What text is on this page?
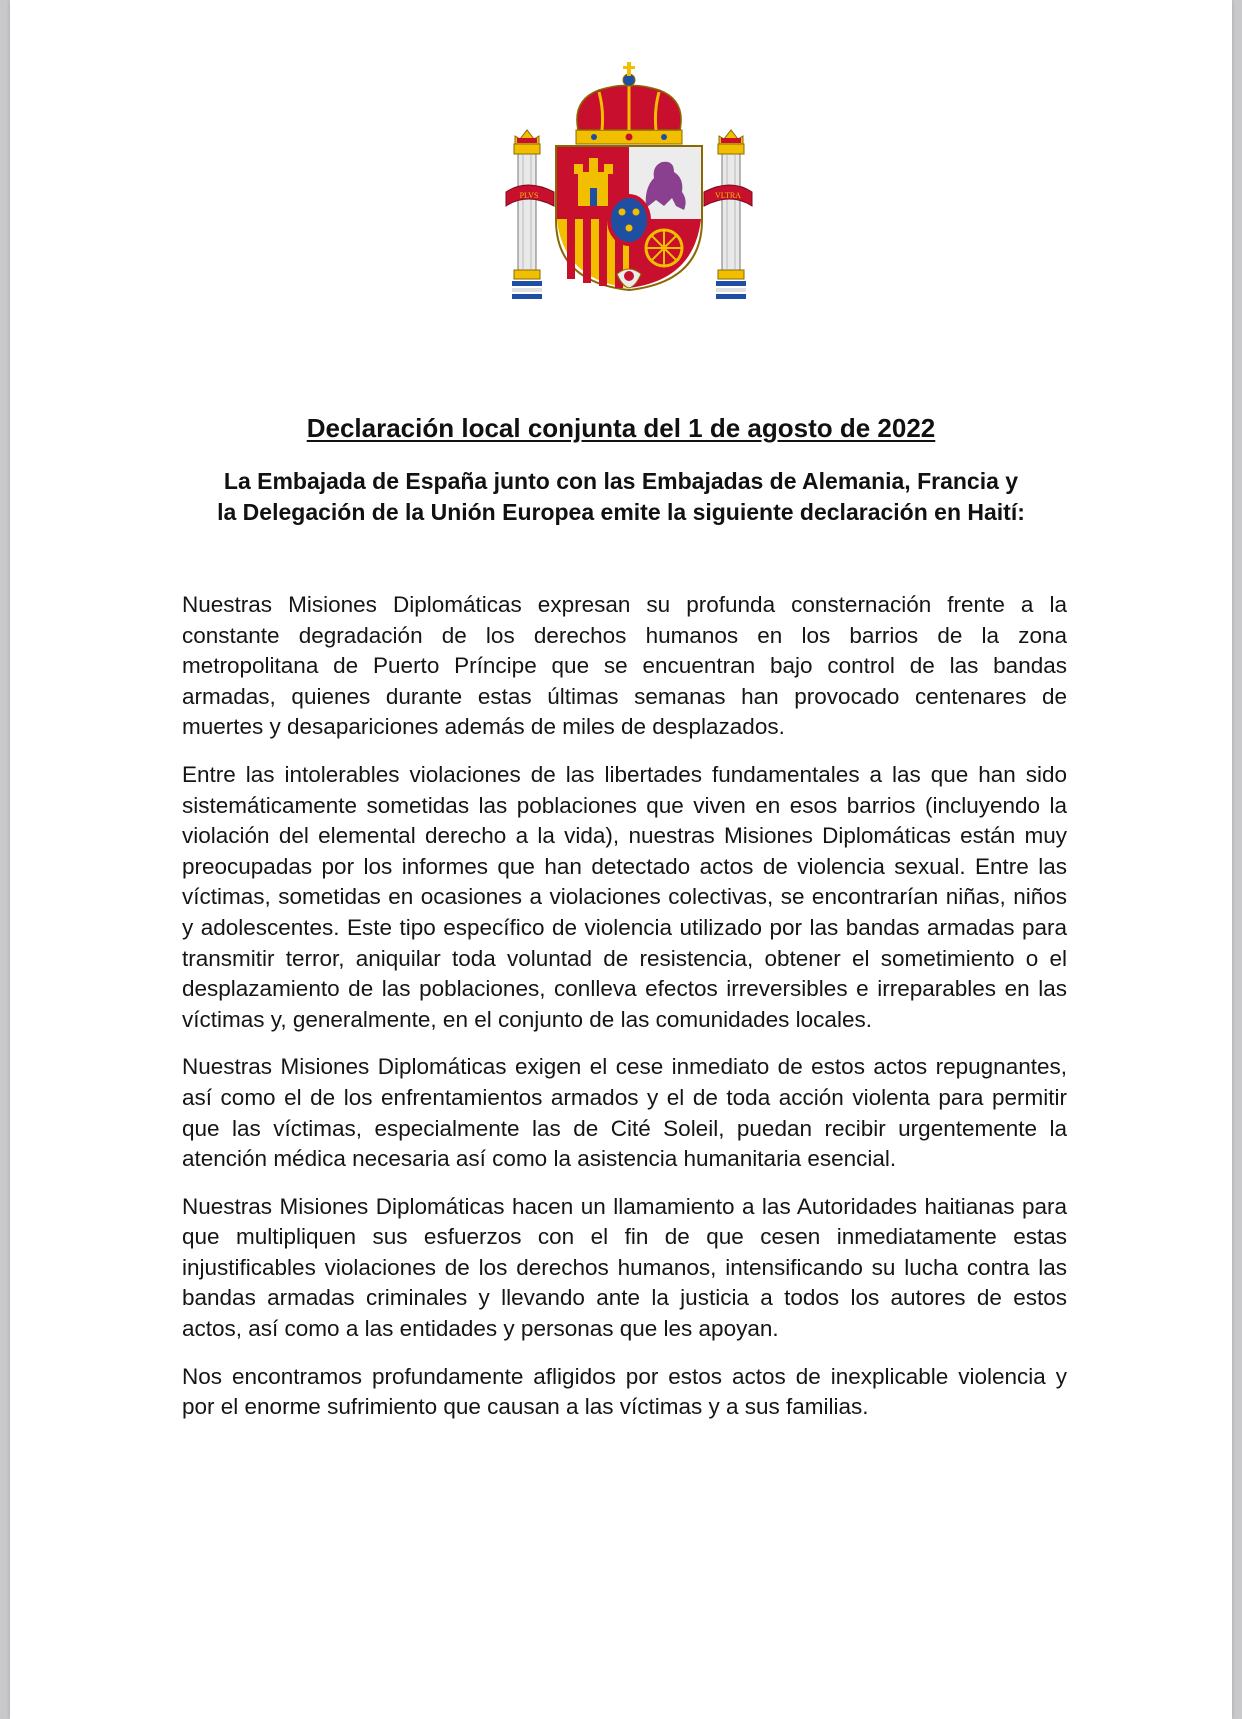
PLVS	VLTRA
Declaración local conjunta del 1 de agosto de 2022
La Embajada de España junto con las Embajadas de Alemania, Francia y
la Delegación de la Unión Europea emite la siguiente declaración en Haití:

Nuestras Misiones Diplomáticas expresan su profunda consternación frente a la constante degradación de los derechos humanos en los barrios de la zona metropolitana de Puerto Príncipe que se encuentran bajo control de las bandas armadas, quienes durante estas últimas semanas han provocado centenares de muertes y desapariciones además de miles de desplazados.

Entre las intolerables violaciones de las libertades fundamentales a las que han sido sistemáticamente sometidas las poblaciones que viven en esos barrios (incluyendo la violación del elemental derecho a la vida), nuestras Misiones Diplomáticas están muy preocupadas por los informes que han detectado actos de violencia sexual. Entre las víctimas, sometidas en ocasiones a violaciones colectivas, se encontrarían niñas, niños y adolescentes. Este tipo específico de violencia utilizado por las bandas armadas para transmitir terror, aniquilar toda voluntad de resistencia, obtener el sometimiento o el desplazamiento de las poblaciones, conlleva efectos irreversibles e irreparables en las víctimas y, generalmente, en el conjunto de las comunidades locales.

Nuestras Misiones Diplomáticas exigen el cese inmediato de estos actos repugnantes, así como el de los enfrentamientos armados y el de toda acción violenta para permitir que las víctimas, especialmente las de Cité Soleil, puedan recibir urgentemente la atención médica necesaria así como la asistencia humanitaria esencial.

Nuestras Misiones Diplomáticas hacen un llamamiento a las Autoridades haitianas para que multipliquen sus esfuerzos con el fin de que cesen inmediatamente estas injustificables violaciones de los derechos humanos, intensificando su lucha contra las bandas armadas criminales y llevando ante la justicia a todos los autores de estos actos, así como a las entidades y personas que les apoyan.

Nos encontramos profundamente afligidos por estos actos de inexplicable violencia y por el enorme sufrimiento que causan a las víctimas y a sus familias.
